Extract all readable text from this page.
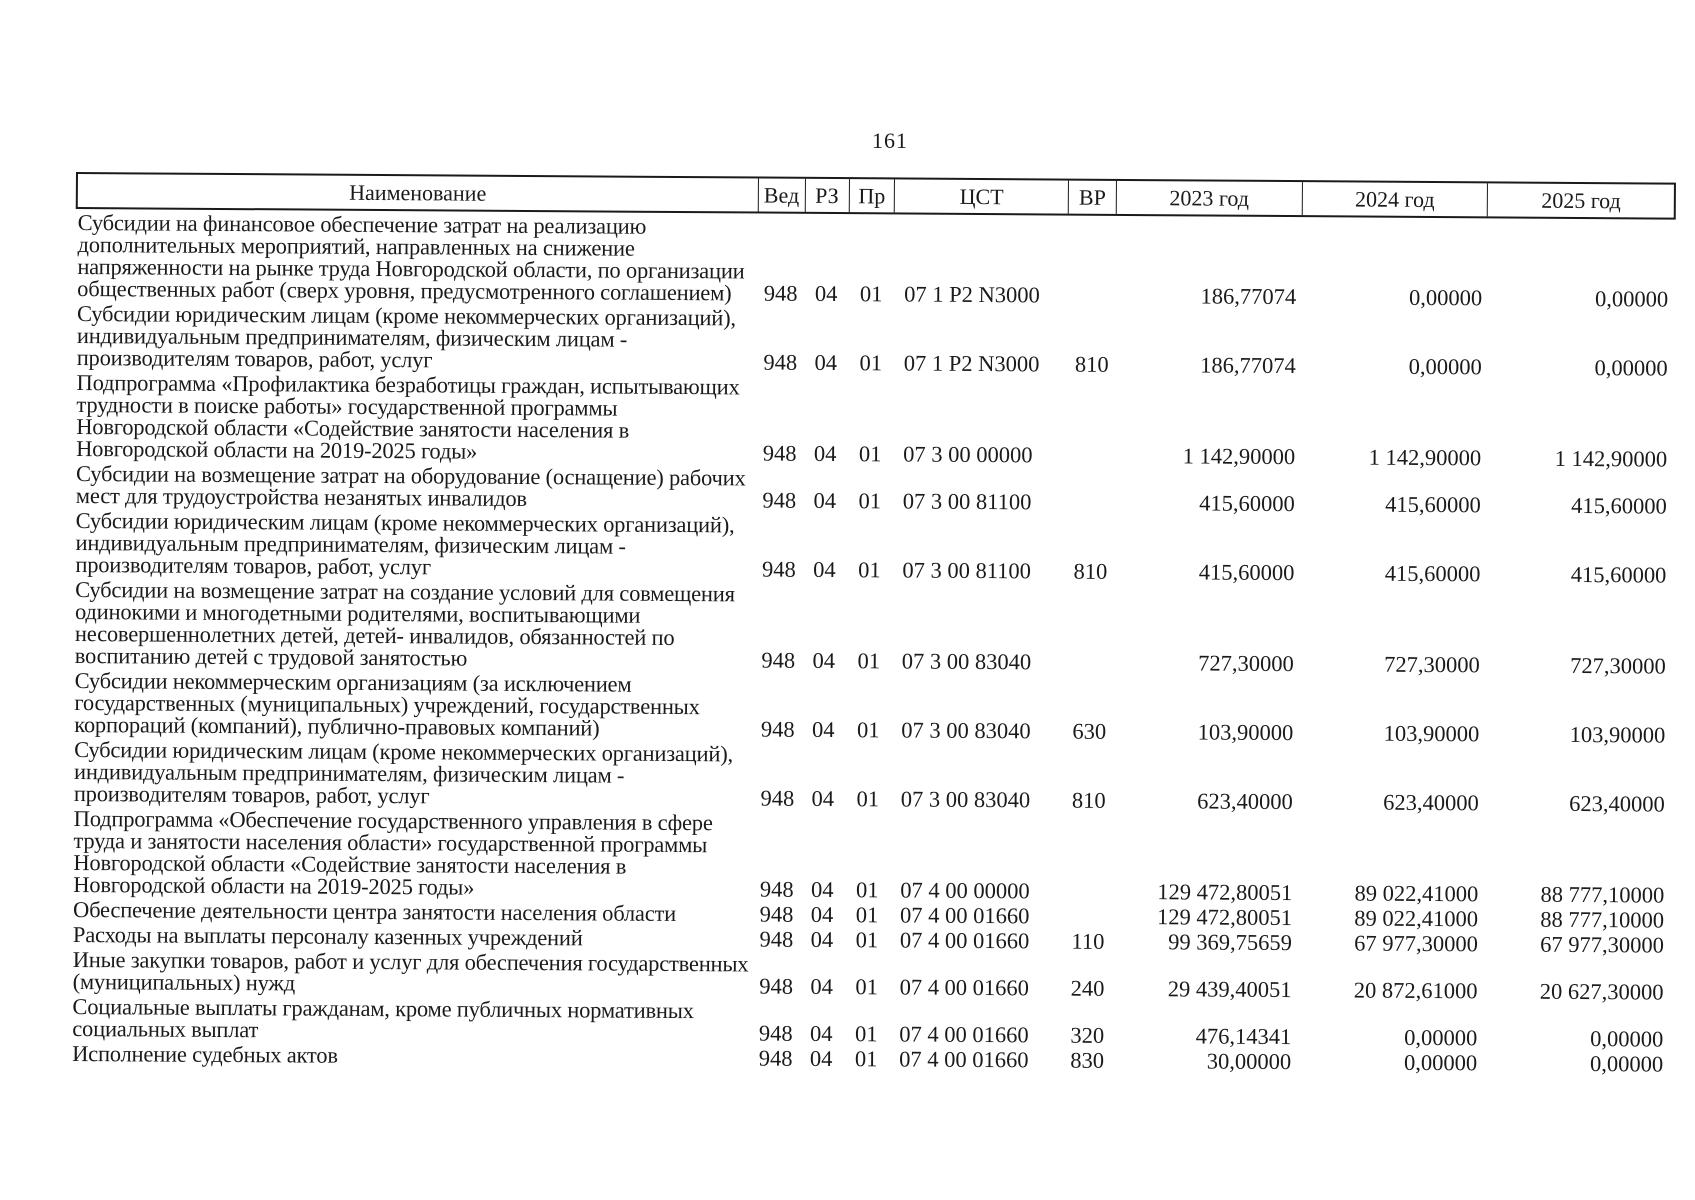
161
Наименование	Вед РЗ Пр	ЦСТ	ВР	2023 год	2024 год	2025 год
Субсидии на финансовое обеспечение затрат на реализацию дополнительных мероприятий, направленных на снижение напряженности на рынке труда Новгородской области, по организации общественных работ (сверх уровня, предусмотренного соглашением)	948 04 01 07 1 P2 N3000	186,77074	0,00000	0,00000
Субсидии юридическим лицам (кроме некоммерческих организаций), индивидуальным предпринимателям, физическим лицам - производителям товаров, работ, услуг	948 04 01 07 1 P2 N3000	810	186,77074	0,00000	0,00000
Подпрограмма «Профилактика безработицы граждан, испытывающих трудности в поиске работы» государственной программы Новгородской области «Содействие занятости населения в Новгородской области на 2019-2025 годы»	948 04 01 07 3 00 00000	1 142,90000	1 142,90000	1 142,90000
Субсидии на возмещение затрат на оборудование (оснащение) рабочих мест для трудоустройства незанятых инвалидов	948 04 01 07 3 00 81100	415,60000	415,60000	415,60000
Субсидии юридическим лицам (кроме некоммерческих организаций), индивидуальным предпринимателям, физическим лицам - производителям товаров, работ, услуг	948 04 01 07 3 00 81100	810	415,60000	415,60000	415,60000
Субсидии на возмещение затрат на создание условий для совмещения одинокими и многодетными родителями, воспитывающими несовершеннолетних детей, детей- инвалидов, обязанностей по воспитанию детей с трудовой занятостью	948 04 01 07 3 00 83040	727,30000	727,30000	727,30000
Субсидии некоммерческим организациям (за исключением государственных (муниципальных) учреждений, государственных корпораций (компаний), публично-правовых компаний)	948 04 01 07 3 00 83040	630	103,90000	103,90000	103,90000
Субсидии юридическим лицам (кроме некоммерческих организаций), индивидуальным предпринимателям, физическим лицам - производителям товаров, работ, услуг	948 04 01 07 3 00 83040	810	623,40000	623,40000	623,40000
Подпрограмма «Обеспечение государственного управления в сфере труда и занятости населения области» государственной программы Новгородской области «Содействие занятости населения в Новгородской области на 2019-2025 годы»	948 04 01 07 4 00 00000	129 472,80051	89 022,41000	88 777,10000
Обеспечение деятельности центра занятости населения области	948 04 01 07 4 00 01660	129 472,80051	89 022,41000	88 777,10000
Расходы на выплаты персоналу казенных учреждений	948 04 01 07 4 00 01660	110	99 369,75659	67 977,30000	67 977,30000
Иные закупки товаров, работ и услуг для обеспечения государственных (муниципальных) нужд	948 04 01 07 4 00 01660	240	29 439,40051	20 872,61000	20 627,30000
Социальные выплаты гражданам, кроме публичных нормативных социальных выплат	948 04 01 07 4 00 01660	320	476,14341	0,00000	0,00000
Исполнение судебных актов	948 04 01 07 4 00 01660	830	30,00000	0,00000	0,00000
